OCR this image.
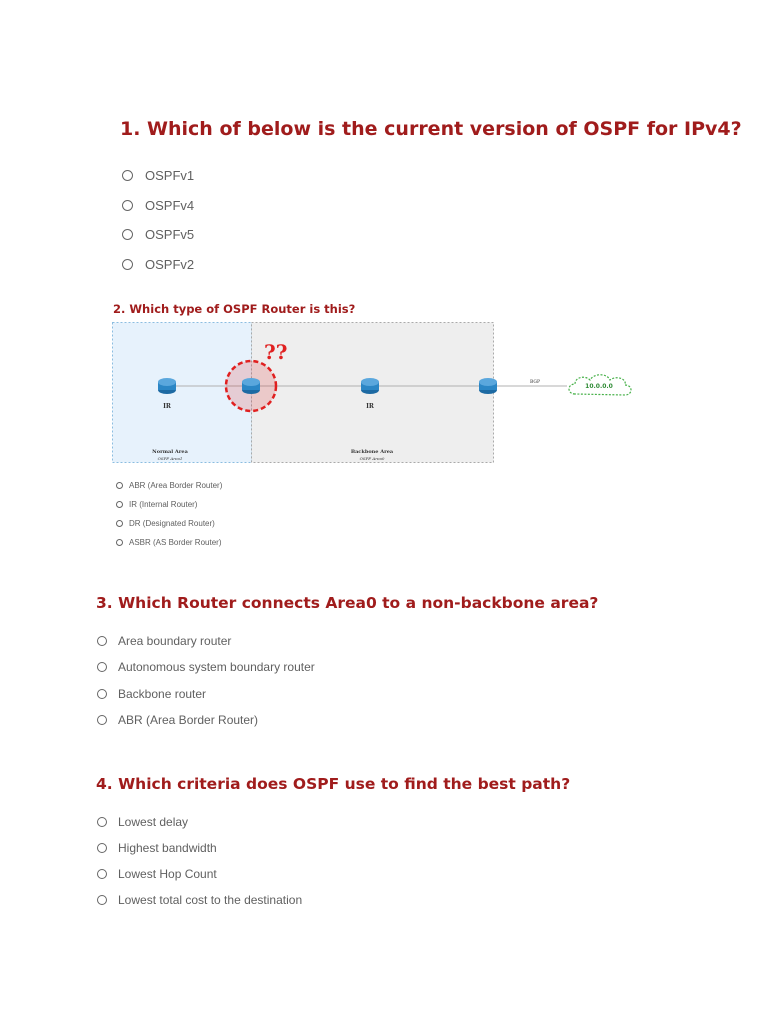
1. Which of below is the current version of OSPF for IPv4?
OSPFv1
OSPFv4
OSPFv5
OSPFv2
2. Which type of OSPF Router is this?
??
IR	IR
Normal Area
OSPF Area1
Backbone Area
OSPF Area0
BGP
10.0.0.0
ABR (Area Border Router)
IR (Internal Router)
DR (Designated Router)
ASBR (AS Border Router)
3. Which Router connects Area0 to a non-backbone area?
Area boundary router
Autonomous system boundary router
Backbone router
ABR (Area Border Router)
4. Which criteria does OSPF use to find the best path?
Lowest delay
Highest bandwidth
Lowest Hop Count
Lowest total cost to the destination
